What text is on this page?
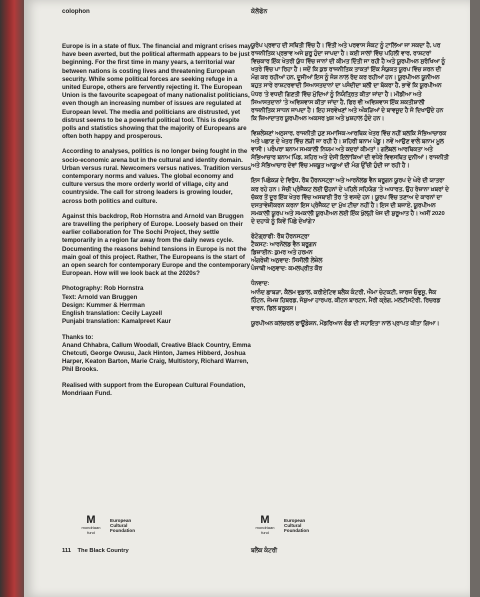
colophon	ਕੋਲੋਫੋਨ

Europe is in a state of flux. The financial and migrant crises may have been averted, but the political aftermath appears to be just beginning. For the first time in many years, a territorial war between nations is costing lives and threatening European security. While some political forces are seeking refuge in a united Europe, others are fervently rejecting it. The European Union is the favourite scapegoat of many nationalist politicians, even though an increasing number of issues are regulated at European level. The media and politicians are distrusted, yet distrust seems to be a powerful political tool. This is despite polls and statistics showing that the majority of Europeans are often both happy and prosperous.

According to analyses, politics is no longer being fought in the socio-economic arena but in the cultural and identity domain. Urban versus rural. Newcomers versus natives. Tradition versus contemporary norms and values. The global economy and culture versus the more orderly world of village, city and countryside. The call for strong leaders is growing louder, across both politics and culture.

Against this backdrop, Rob Hornstra and Arnold van Bruggen are travelling the periphery of Europe. Loosely based on their earlier collaboration for The Sochi Project, they settle temporarily in a region far away from the daily news cycle. Documenting the reasons behind tensions in Europe is not the main goal of this project. Rather, The Europeans is the start of an open search for contemporary Europe and the contemporary European. How will we look back at the 2020s?

Photography: Rob Hornstra
Text: Arnold van Bruggen
Design: Kummer & Herrman
English translation: Cecily Layzell
Punjabi translation: Kamalpreet Kaur

Thanks to:
Anand Chhabra, Callum Woodall, Creative Black Country, Emma Chetcuti, George Owusu, Jack Hinton, James Hibberd, Joshua Harper, Keaton Barton, Marie Craig, Multistory, Richard Warren, Phil Brooks.

Realised with support from the European Cultural Foundation, Mondriaan Fund.

ਯੂਰੋਪ ਪ੍ਰਵਾਹ ਦੀ ਸਥਿਤੀ ਵਿੱਚ ਹੈ। ਵਿੱਤੀ ਅਤੇ ਪਰਵਾਸ ਸੰਕਟ ਨੂੰ ਟਾਲਿਆ ਜਾ ਸਕਦਾ ਹੈ, ਪਰ ਰਾਜਨੀਤਿਕ ਪ੍ਰਭਾਵ ਅਜੇ ਸ਼ੁਰੂ ਹੁੰਦਾ ਜਾਪਦਾ ਹੈ। ਕਈ ਸਾਲਾਂ ਵਿੱਚ ਪਹਿਲੀ ਵਾਰ, ਰਾਸ਼ਟਰਾਂ ਵਿਚਕਾਰ ਇੱਕ ਖੇਤਰੀ ਯੁੱਧ ਵਿੱਚ ਜਾਨਾਂ ਦੀ ਕੀਮਤ ਦਿੱਤੀ ਜਾ ਰਹੀ ਹੈ ਅਤੇ ਯੂਰਪੀਅਨ ਸੁਰੱਖਿਆ ਨੂੰ ਖਤਰੇ ਵਿੱਚ ਪਾ ਰਿਹਾ ਹੈ। ਜਦੋਂ ਕਿ ਕੁਝ ਰਾਜਨੀਤਿਕ ਤਾਕਤਾਂ ਇੱਕ ਸੰਯੁਕਤ ਯੂਰਪ ਵਿੱਚ ਸ਼ਰਨ ਦੀ ਮੰਗ ਕਰ ਰਹੀਆਂ ਹਨ, ਦੂਜੀਆਂ ਇਸ ਨੂੰ ਜੋਸ਼ ਨਾਲ ਰੱਦ ਕਰ ਰਹੀਆਂ ਹਨ। ਯੂਰਪੀਅਨ ਯੂਨੀਅਨ ਬਹੁਤ ਸਾਰੇ ਰਾਸ਼ਟਰਵਾਦੀ ਸਿਆਸਤਦਾਨਾਂ ਦਾ ਪਸੰਦੀਦਾ ਬਲੀ ਦਾ ਬੱਕਰਾ ਹੈ, ਭਾਵੇਂ ਕਿ ਯੂਰਪੀਅਨ ਪੱਧਰ 'ਤੇ ਵਧਦੀ ਗਿਣਤੀ ਵਿੱਚ ਮੁੱਦਿਆਂ ਨੂੰ ਨਿਯੰਤ੍ਰਿਤ ਕੀਤਾ ਜਾਂਦਾ ਹੈ। ਮੀਡੀਆ ਅਤੇ ਸਿਆਸਤਦਾਨਾਂ 'ਤੇ ਅਵਿਸ਼ਵਾਸ ਕੀਤਾ ਜਾਂਦਾ ਹੈ, ਫਿਰ ਵੀ ਅਵਿਸ਼ਵਾਸ ਇੱਕ ਸ਼ਕਤੀਸ਼ਾਲੀ ਰਾਜਨੀਤਿਕ ਸਾਧਨ ਜਾਪਦਾ ਹੈ। ਇਹ ਸਰਵੇਖਣਾਂ ਅਤੇ ਅੰਕੜਿਆਂ ਦੇ ਬਾਵਜੂਦ ਹੈ ਜੋ ਦਿਖਾਉਂਦੇ ਹਨ ਕਿ ਜ਼ਿਆਦਾਤਰ ਯੂਰਪੀਅਨ ਅਕਸਰ ਖੁਸ਼ ਅਤੇ ਖੁਸ਼ਹਾਲ ਹੁੰਦੇ ਹਨ।

ਵਿਸ਼ਲੇਸ਼ਣਾਂ ਅਨੁਸਾਰ, ਰਾਜਨੀਤੀ ਹੁਣ ਸਮਾਜਿਕ-ਆਰਥਿਕ ਖੇਤਰ ਵਿੱਚ ਨਹੀਂ ਬਲਕਿ ਸੱਭਿਆਚਾਰਕ ਅਤੇ ਪਛਾਣ ਦੇ ਖੇਤਰ ਵਿੱਚ ਲੜੀ ਜਾ ਰਹੀ ਹੈ। ਸ਼ਹਿਰੀ ਬਨਾਮ ਪੇਂਡੂ। ਨਵੇਂ ਆਉਣ ਵਾਲੇ ਬਨਾਮ ਮੂਲ ਵਾਸੀ। ਪਰੰਪਰਾ ਬਨਾਮ ਸਮਕਾਲੀ ਨਿਯਮ ਅਤੇ ਕਦਰਾਂ ਕੀਮਤਾਂ। ਗਲੋਬਲ ਆਰਥਿਕਤਾ ਅਤੇ ਸੱਭਿਆਚਾਰ ਬਨਾਮ ਪਿੰਡ, ਸ਼ਹਿਰ ਅਤੇ ਦੇਸੀ ਇਲਾਕਿਆਂ ਦੀ ਵਧੇਰੇ ਵਿਵਸਥਿਤ ਦੁਨੀਆਂ। ਰਾਜਨੀਤੀ ਅਤੇ ਸੱਭਿਆਚਾਰ ਦੋਵਾਂ ਵਿੱਚ ਮਜ਼ਬੂਤ ਆਗੂਆਂ ਦੀ ਮੰਗ ਉੱਚੀ ਹੁੰਦੀ ਜਾ ਰਹੀ ਹੈ।

ਇਸ ਪਿਛੋਕੜ ਦੇ ਵਿਰੁੱਧ, ਰੌਬ ਹੌਰਨਸਟ੍ਰਾ ਅਤੇ ਆਰਨੋਲਡ ਵੈਨ ਬਰੂਗਨ ਯੂਰਪ ਦੇ ਘੇਰੇ ਦੀ ਯਾਤਰਾ ਕਰ ਰਹੇ ਹਨ। ਸੋਚੀ ਪ੍ਰੋਜੈਕਟ ਲਈ ਉਹਨਾਂ ਦੇ ਪਹਿਲੇ ਸਹਿਯੋਗ 'ਤੇ ਅਧਾਰਤ, ਉਹ ਰੋਜ਼ਾਨਾ ਖ਼ਬਰਾਂ ਦੇ ਚੱਕਰ ਤੋਂ ਦੂਰ ਇੱਕ ਖੇਤਰ ਵਿੱਚ ਅਸਥਾਈ ਤੌਰ 'ਤੇ ਵਸਦੇ ਹਨ। ਯੂਰਪ ਵਿੱਚ ਤਣਾਅ ਦੇ ਕਾਰਨਾਂ ਦਾ ਦਸਤਾਵੇਜ਼ੀਕਰਨ ਕਰਨਾ ਇਸ ਪ੍ਰੋਜੈਕਟ ਦਾ ਮੁੱਖ ਟੀਚਾ ਨਹੀਂ ਹੈ। ਇਸ ਦੀ ਬਜਾਏ, ਯੂਰਪੀਅਨ ਸਮਕਾਲੀ ਯੂਰਪ ਅਤੇ ਸਮਕਾਲੀ ਯੂਰਪੀਅਨ ਲਈ ਇੱਕ ਖੁੱਲ੍ਹੀ ਖੋਜ ਦੀ ਸ਼ੁਰੂਆਤ ਹੈ। ਅਸੀਂ 2020 ਦੇ ਦਹਾਕੇ ਨੂੰ ਕਿਵੇਂ ਪਿੱਛੇ ਦੇਖਾਂਗੇ?

ਫੋਟੋਗ੍ਰਾਫੀ: ਰੌਬ ਹੌਰਨਸਟ੍ਰਾ
ਟੈਕਸਟ: ਆਰਨੋਲਡ ਵੈਨ ਬਰੂਗਨ
ਡਿਜ਼ਾਈਨ: ਕੁਮਰ ਅਤੇ ਹਰਮਨ
ਅੰਗਰੇਜ਼ੀ ਅਨੁਵਾਦ: ਸਿਸੀਲੀ ਲੇਜ਼ੇਲ
ਪੰਜਾਬੀ ਅਨੁਵਾਦ: ਕਮਲਪ੍ਰੀਤ ਕੌਰ

ਧੰਨਵਾਦ:
ਆਨੰਦ ਛਾਬੜਾ, ਕੈਲਮ ਵੁਡਾਲ, ਕਰੀਏਟਿਵ ਬਲੈਕ ਕੰਟਰੀ, ਐਮਾ ਚੇਟਕਟੀ, ਜਾਰਜ ਓਵੁਸੂ, ਜੈਕ ਹਿੰਟਨ, ਜੇਮਜ਼ ਹਿਬਰਡ, ਜੋਸ਼ੁਆ ਹਾਰਪਰ, ਕੀਟਨ ਬਾਰਟਨ, ਮੈਰੀ ਕ੍ਰੇਗ, ਮਲਟੀਸਟੋਰੀ, ਰਿਚਰਡ ਵਾਰਨ, ਫਿਲ ਬਰੂਕਸ।

ਯੂਰਪੀਅਨ ਕਲਚਰਲ ਫਾਊਂਡੇਸ਼ਨ, ਮੋਂਡਰਿਆਨ ਫੰਡ ਦੀ ਸਹਾਇਤਾ ਨਾਲ ਪ੍ਰਾਪਤ ਕੀਤਾ ਗਿਆ।

M
mondriaan fund
European Cultural Foundation
M
mondriaan fund
European Cultural Foundation
111 The Black Country	ਬਲੈਕ ਕੰਟਰੀ
